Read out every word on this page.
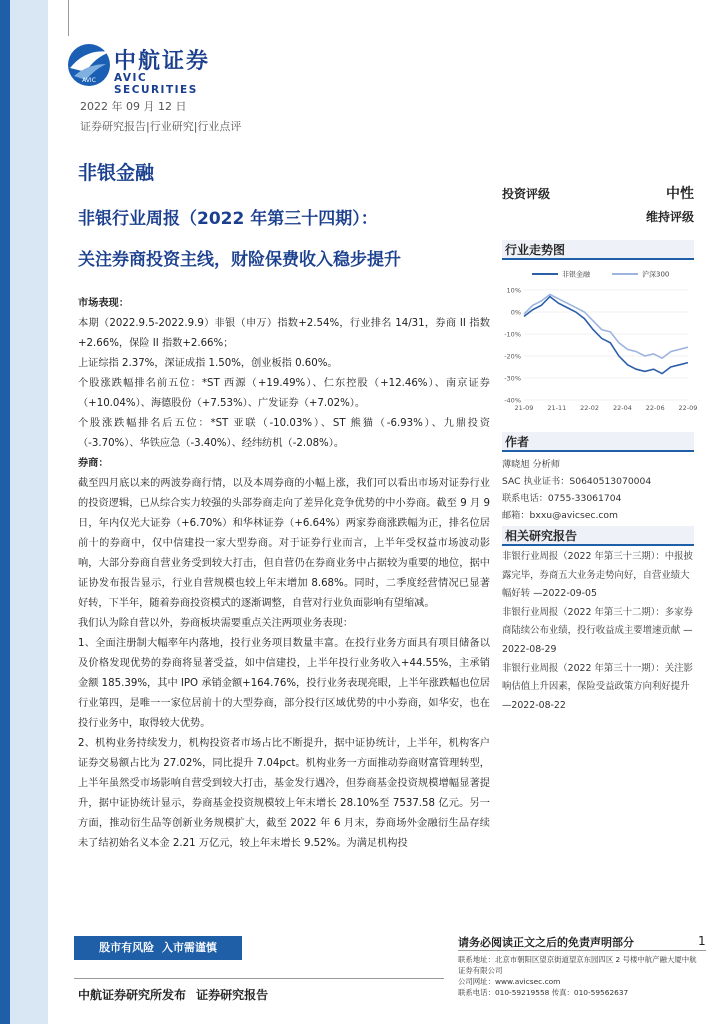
AVIC
中航证券
AVIC SECURITIES
2022 年 09 月 12 日
证券研究报告|行业研究|行业点评
非银金融
非银行业周报（2022 年第三十四期）：
关注券商投资主线，财险保费收入稳步提升
投资评级	中性
维持评级
行业走势图
10%
0%
-10%
-20%
-30%
-40%
21-09 21-11 22-02 22-04 22-06 22-09
非银金融	沪深300

市场表现：

本期（2022.9.5-2022.9.9）非银（申万）指数+2.54%，行业排名 14/31，券商 II 指数+2.66%，保险 II 指数+2.66%；

上证综指 2.37%，深证成指 1.50%，创业板指 0.60%。

个股涨跌幅排名前五位：*ST 西源（+19.49%）、仁东控股（+12.46%）、南京证券（+10.04%）、海德股份（+7.53%）、广发证券（+7.02%）。

个股涨跌幅排名后五位：*ST 亚联（-10.03%）、ST 熊猫（-6.93%）、九鼎投资（-3.70%）、华铁应急（-3.40%）、经纬纺机（-2.08%）。

券商：

截至四月底以来的两波券商行情，以及本周券商的小幅上涨，我们可以看出市场对证券行业的投资逻辑，已从综合实力较强的头部券商走向了差异化竞争优势的中小券商。截至 9 月 9 日，年内仅光大证券（+6.70%）和华林证券（+6.64%）两家券商涨跌幅为正，排名位居前十的券商中，仅中信建投一家大型券商。对于证券行业而言，上半年受权益市场波动影响，大部分券商自营业务受到较大打击，但自营仍在券商业务中占据较为重要的地位，据中证协发布报告显示，行业自营规模也较上年末增加 8.68%。同时，二季度经营情况已显著好转，下半年，随着券商投资模式的逐渐调整，自营对行业负面影响有望缩减。

我们认为除自营以外，券商板块需要重点关注两项业务表现：

1、全面注册制大幅率年内落地，投行业务项目数量丰富。在投行业务方面具有项目储备以及价格发现优势的券商将显著受益，如中信建投，上半年投行业务收入+44.55%，主承销金额 185.39%，其中 IPO 承销金额+164.76%，投行业务表现亮眼，上半年涨跌幅也位居行业第四，是唯一一家位居前十的大型券商，部分投行区域优势的中小券商，如华安，也在投行业务中，取得较大优势。

2、机构业务持续发力，机构投资者市场占比不断提升，据中证协统计，上半年，机构客户证券交易额占比为 27.02%，同比提升 7.04pct。机构业务一方面推动券商财富管理转型，上半年虽然受市场影响自营受到较大打击，基金发行遇冷，但券商基金投资规模增幅显著提升，据中证协统计显示，券商基金投资规模较上年末增长 28.10%至 7537.58 亿元。另一方面，推动衍生品等创新业务规模扩大，截至 2022 年 6 月末，券商场外金融衍生品存续未了结初始名义本金 2.21 万亿元，较上年末增长 9.52%。为满足机构投

作者
薄晓旭 分析师
SAC 执业证书：S0640513070004
联系电话：0755-33061704
邮箱：bxxu@avicsec.com
相关研究报告
非银行业周报（2022 年第三十三期）：中报披露完毕，券商五大业务走势向好，自营业绩大幅好转 —2022-09-05
非银行业周报（2022 年第三十二期）：多家券商陆续公布业绩，投行收益成主要增速贡献 —2022-08-29
非银行业周报（2022 年第三十一期）：关注影响估值上升因素，保险受益政策方向利好提升 —2022-08-22
股市有风险 入市需谨慎	请务必阅读正文之后的免责声明部分	1
联系地址：北京市朝阳区望京街道望京东园四区 2 号楼中航产融大厦中航证券有限公司
公司网址：www.avicsec.com
联系电话：010-59219558 传真：010-59562637
中航证券研究所发布 证券研究报告
